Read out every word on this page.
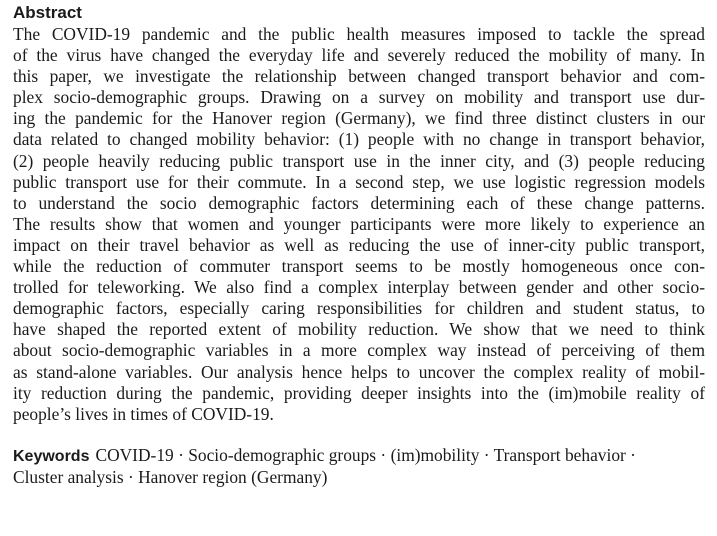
Abstract
The COVID-19 pandemic and the public health measures imposed to tackle the spread
of the virus have changed the everyday life and severely reduced the mobility of many. In
this paper, we investigate the relationship between changed transport behavior and com-
plex socio-demographic groups. Drawing on a survey on mobility and transport use dur-
ing the pandemic for the Hanover region (Germany), we find three distinct clusters in our
data related to changed mobility behavior: (1) people with no change in transport behavior,
(2) people heavily reducing public transport use in the inner city, and (3) people reducing
public transport use for their commute. In a second step, we use logistic regression models
to understand the socio demographic factors determining each of these change patterns.
The results show that women and younger participants were more likely to experience an
impact on their travel behavior as well as reducing the use of inner-city public transport,
while the reduction of commuter transport seems to be mostly homogeneous once con-
trolled for teleworking. We also find a complex interplay between gender and other socio-
demographic factors, especially caring responsibilities for children and student status, to
have shaped the reported extent of mobility reduction. We show that we need to think
about socio-demographic variables in a more complex way instead of perceiving of them
as stand-alone variables. Our analysis hence helps to uncover the complex reality of mobil-
ity reduction during the pandemic, providing deeper insights into the (im)mobile reality of
people’s lives in times of COVID-19.
Keywords COVID-19 · Socio-demographic groups · (im)mobility · Transport behavior ·
Cluster analysis · Hanover region (Germany)
